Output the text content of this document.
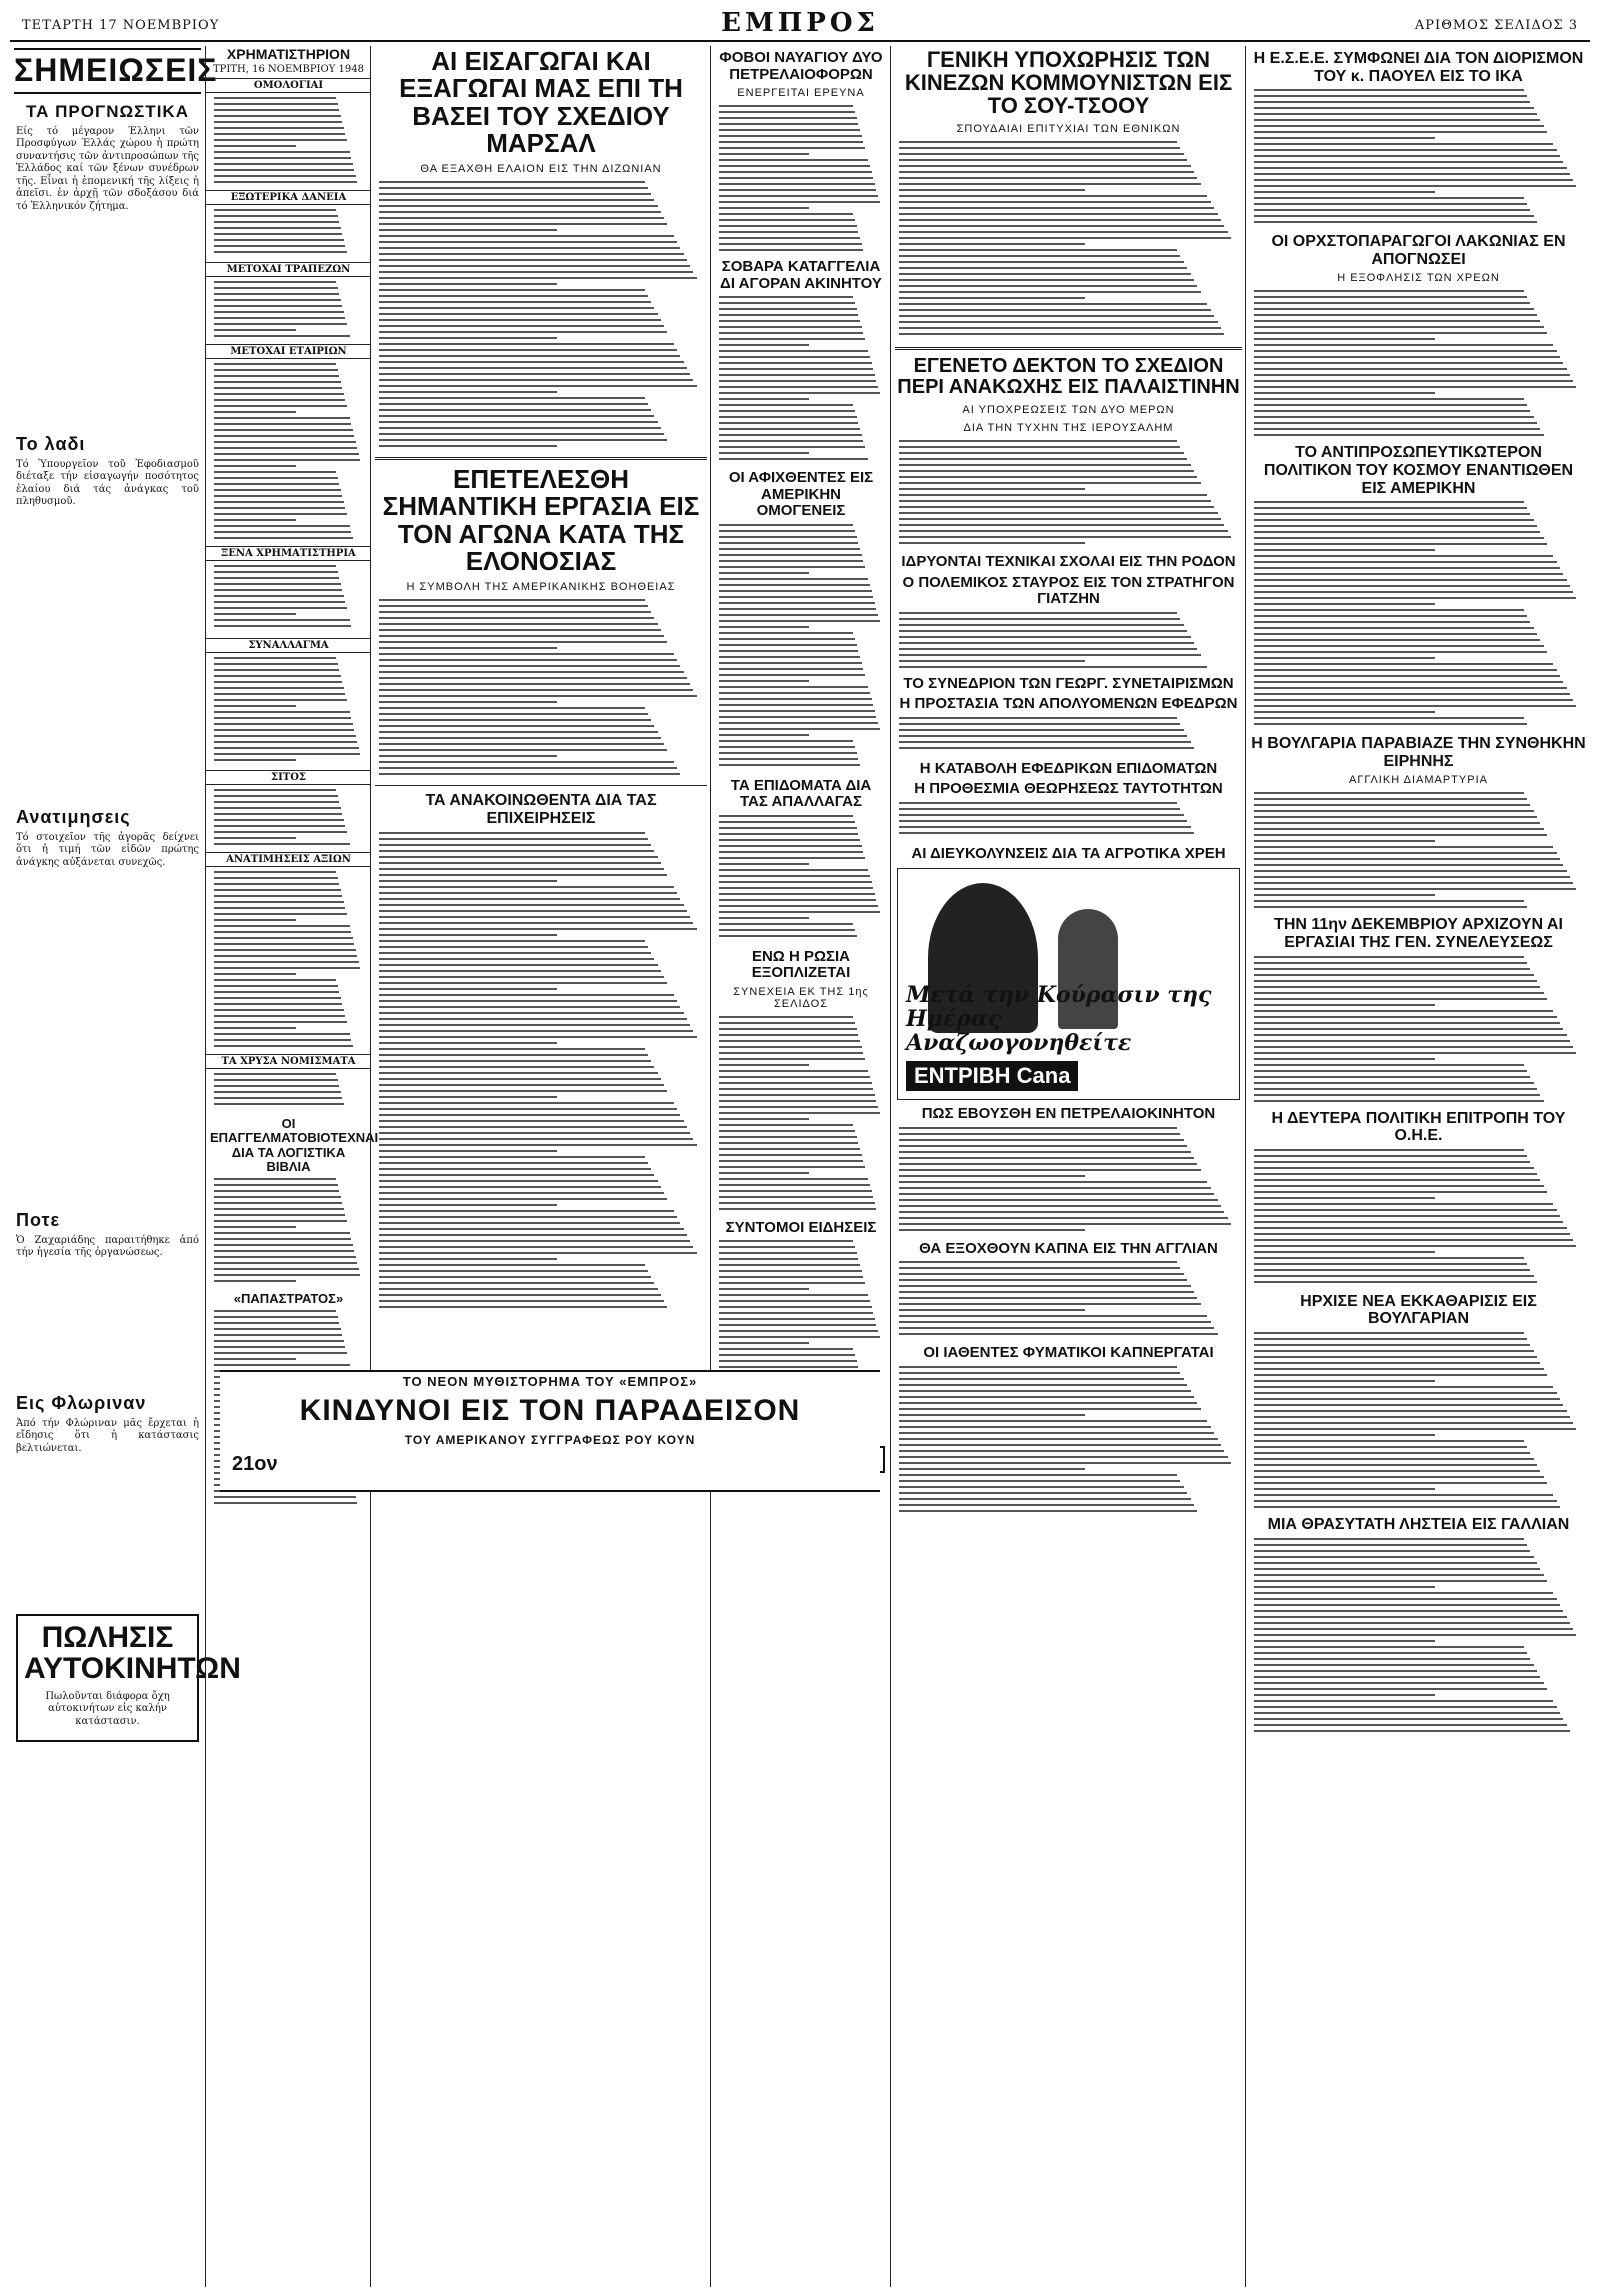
ΤΕΤΑΡΤΗ 17 ΝΟΕΜΒΡΙΟΥ	ΕΜΠΡΟΣ	ΑΡΙΘΜΟΣ ΣΕΛΙΔΟΣ 3
ΣΗΜΕΙΩΣΕΙΣ
ΤΑ ΠΡΟΓΝΩΣΤΙΚΑ
Είς τό μέγαρον Έλληνι τῶν Προσφύγων Έλλάς χώρου ἡ πρώτη συναντήσις τῶν ἀντιπροσώπων τῆς Ἑλλάδος καί τῶν ξένων συνέδρων τῆς. Εἶναι ἡ ἐπομενική τῆς λίξεις ἡ ἀπεῖσι. ἐν ἀρχῇ τῶν σδοξάσου διά τό Ἑλληνικόν ζήτημα.
Το λαδι
Τό Ὑπουργεῖον τοῦ Ἐφοδιασμοῦ διέταξε τήν εἰσαγωγήν ποσότητος ἐλαίου διά τάς ἀνάγκας τοῦ πληθυσμοῦ.
Ανατιμησεις
Τό στοιχεῖον τῆς ἀγορᾶς δείχνει ὅτι ἡ τιμή τῶν εἰδῶν πρώτης ἀνάγκης αὐξάνεται συνεχῶς.
Ποτε
Ὁ Ζαχαριάδης παραιτήθηκε ἀπό τήν ἡγεσία τῆς ὀργανώσεως.
Εις Φλωριναν
Ἀπό τήν Φλώριναν μᾶς ἔρχεται ἡ εἴδησις ὅτι ἡ κατάστασις βελτιώνεται.
ΠΩΛΗΣΙΣ ΑΥΤΟΚΙΝΗΤΩΝ
Πωλοῦνται διάφορα ὄχη αὐτοκινήτων εἰς καλήν κατάστασιν.
ΧΡΗΜΑΤΙΣΤΗΡΙΟΝ
ΤΡΙΤΗ, 16 ΝΟΕΜΒΡΙΟΥ 1948
ΟΜΟΛΟΓΙΑΙ
ΕΞΩΤΕΡΙΚΑ ΔΑΝΕΙΑ
ΜΕΤΟΧΑΙ ΤΡΑΠΕΖΩΝ
ΜΕΤΟΧΑΙ ΕΤΑΙΡΙΩΝ
ΞΕΝΑ ΧΡΗΜΑΤΙΣΤΗΡΙΑ
ΣΥΝΑΛΛΑΓΜΑ
ΣΙΤΟΣ
ΑΝΑΤΙΜΗΣΕΙΣ ΑΞΙΩΝ
ΤΑ ΧΡΥΣΑ ΝΟΜΙΣΜΑΤΑ
ΟΙ ΕΠΑΓΓΕΛΜΑΤΟΒΙΟΤΕΧΝΑΙ ΔΙΑ ΤΑ ΛΟΓΙΣΤΙΚΑ ΒΙΒΛΙΑ
«ΠΑΠΑΣΤΡΑΤΟΣ»
ΑΙ ΕΙΣΑΓΩΓΑΙ ΚΑΙ ΕΞΑΓΩΓΑΙ ΜΑΣ ΕΠΙ ΤΗ ΒΑΣΕΙ ΤΟΥ ΣΧΕΔΙΟΥ ΜΑΡΣΑΛ
ΘΑ ΕΞΑΧΘΗ ΕΛΑΙΟΝ ΕΙΣ ΤΗΝ ΔΙΖΩΝΙΑΝ
ΕΠΕΤΕΛΕΣΘΗ ΣΗΜΑΝΤΙΚΗ ΕΡΓΑΣΙΑ ΕΙΣ ΤΟΝ ΑΓΩΝΑ ΚΑΤΑ ΤΗΣ ΕΛΟΝΟΣΙΑΣ
Η ΣΥΜΒΟΛΗ ΤΗΣ ΑΜΕΡΙΚΑΝΙΚΗΣ ΒΟΗΘΕΙΑΣ
ΤΑ ΑΝΑΚΟΙΝΩΘΕΝΤΑ ΔΙΑ ΤΑΣ ΕΠΙΧΕΙΡΗΣΕΙΣ
ΦΟΒΟΙ ΝΑΥΑΓΙΟΥ ΔΥΟ ΠΕΤΡΕΛΑΙΟΦΟΡΩΝ
ΕΝΕΡΓΕΙΤΑΙ ΕΡΕΥΝΑ
ΣΟΒΑΡΑ ΚΑΤΑΓΓΕΛΙΑ ΔΙ ΑΓΟΡΑΝ ΑΚΙΝΗΤΟΥ
ΟΙ ΑΦΙΧΘΕΝΤΕΣ ΕΙΣ ΑΜΕΡΙΚΗΝ ΟΜΟΓΕΝΕΙΣ
ΤΑ ΕΠΙΔΟΜΑΤΑ ΔΙΑ ΤΑΣ ΑΠΑΛΛΑΓΑΣ
ΕΝΩ Η ΡΩΣΙΑ ΕΞΟΠΛΙΖΕΤΑΙ
ΣΥΝΕΧΕΙΑ ΕΚ ΤΗΣ 1ης ΣΕΛΙΔΟΣ
ΣΥΝΤΟΜΟΙ ΕΙΔΗΣΕΙΣ
ΓΕΝΙΚΗ ΥΠΟΧΩΡΗΣΙΣ ΤΩΝ ΚΙΝΕΖΩΝ ΚΟΜΜΟΥΝΙΣΤΩΝ ΕΙΣ ΤΟ ΣΟΥ-ΤΣΟΟΥ
ΣΠΟΥΔΑΙΑΙ ΕΠΙΤΥΧΙΑΙ ΤΩΝ ΕΘΝΙΚΩΝ
ΕΓΕΝΕΤΟ ΔΕΚΤΟΝ ΤΟ ΣΧΕΔΙΟΝ ΠΕΡΙ ΑΝΑΚΩΧΗΣ ΕΙΣ ΠΑΛΑΙΣΤΙΝΗΝ
ΑΙ ΥΠΟΧΡΕΩΣΕΙΣ ΤΩΝ ΔΥΟ ΜΕΡΩΝ
ΔΙΑ ΤΗΝ ΤΥΧΗΝ ΤΗΣ ΙΕΡΟΥΣΑΛΗΜ
ΙΔΡΥΟΝΤΑΙ ΤΕΧΝΙΚΑΙ ΣΧΟΛΑΙ ΕΙΣ ΤΗΝ ΡΟΔΟΝ
Ο ΠΟΛΕΜΙΚΟΣ ΣΤΑΥΡΟΣ ΕΙΣ ΤΟΝ ΣΤΡΑΤΗΓΟΝ ΓΙΑΤΖΗΝ
ΤΟ ΣΥΝΕΔΡΙΟΝ ΤΩΝ ΓΕΩΡΓ. ΣΥΝΕΤΑΙΡΙΣΜΩΝ
Η ΠΡΟΣΤΑΣΙΑ ΤΩΝ ΑΠΟΛΥΟΜΕΝΩΝ ΕΦΕΔΡΩΝ
Η ΚΑΤΑΒΟΛΗ ΕΦΕΔΡΙΚΩΝ ΕΠΙΔΟΜΑΤΩΝ
Η ΠΡΟΘΕΣΜΙΑ ΘΕΩΡΗΣΕΩΣ ΤΑΥΤΟΤΗΤΩΝ
ΑΙ ΔΙΕΥΚΟΛΥΝΣΕΙΣ ΔΙΑ ΤΑ ΑΓΡΟΤΙΚΑ ΧΡΕΗ
Μετά την Κούρασιν της Ημέρας Αναζωογονηθείτε
ΕΝΤΡΙΒΗ Cana
ΠΩΣ ΕΒΟΥΣΘΗ ΕΝ ΠΕΤΡΕΛΑΙΟΚΙΝΗΤΟΝ
ΘΑ ΕΞΟΧΘΟΥΝ ΚΑΠΝΑ ΕΙΣ ΤΗΝ ΑΓΓΛΙΑΝ
ΟΙ ΙΑΘΕΝΤΕΣ ΦΥΜΑΤΙΚΟΙ ΚΑΠΝΕΡΓΑΤΑΙ
Η Ε.Σ.Ε.Ε. ΣΥΜΦΩΝΕΙ ΔΙΑ ΤΟΝ ΔΙΟΡΙΣΜΟΝ ΤΟΥ κ. ΠΑΟΥΕΛ ΕΙΣ ΤΟ ΙΚΑ
ΟΙ ΟΡΧΣΤΟΠΑΡΑΓΩΓΟΙ ΛΑΚΩΝΙΑΣ ΕΝ ΑΠΟΓΝΩΣΕΙ
Η ΕΞΟΦΛΗΣΙΣ ΤΩΝ ΧΡΕΩΝ
ΤΟ ΑΝΤΙΠΡΟΣΩΠΕΥΤΙΚΩΤΕΡΟΝ ΠΟΛΙΤΙΚΟΝ ΤΟΥ ΚΟΣΜΟΥ ΕΝΑΝΤΙΩΘΕΝ ΕΙΣ ΑΜΕΡΙΚΗΝ
Η ΒΟΥΛΓΑΡΙΑ ΠΑΡΑΒΙΑΖΕ ΤΗΝ ΣΥΝΘΗΚΗΝ ΕΙΡΗΝΗΣ
ΑΓΓΛΙΚΗ ΔΙΑΜΑΡΤΥΡΙΑ
ΤΗΝ 11ην ΔΕΚΕΜΒΡΙΟΥ ΑΡΧΙΖΟΥΝ ΑΙ ΕΡΓΑΣΙΑΙ ΤΗΣ ΓΕΝ. ΣΥΝΕΛΕΥΣΕΩΣ
Η ΔΕΥΤΕΡΑ ΠΟΛΙΤΙΚΗ ΕΠΙΤΡΟΠΗ ΤΟΥ Ο.Η.Ε.
ΗΡΧΙΣΕ ΝΕΑ ΕΚΚΑΘΑΡΙΣΙΣ ΕΙΣ ΒΟΥΛΓΑΡΙΑΝ
ΜΙΑ ΘΡΑΣΥΤΑΤΗ ΛΗΣΤΕΙΑ ΕΙΣ ΓΑΛΛΙΑΝ
ΤΟ ΝΕΟΝ ΜΥΘΙΣΤΟΡΗΜΑ ΤΟΥ «ΕΜΠΡΟΣ»
ΚΙΝΔΥΝΟΙ ΕΙΣ ΤΟΝ ΠΑΡΑΔΕΙΣΟΝ
ΤΟΥ ΑΜΕΡΙΚΑΝΟΥ ΣΥΓΓΡΑΦΕΩΣ ΡΟΥ ΚΟΥΝ
21ον
